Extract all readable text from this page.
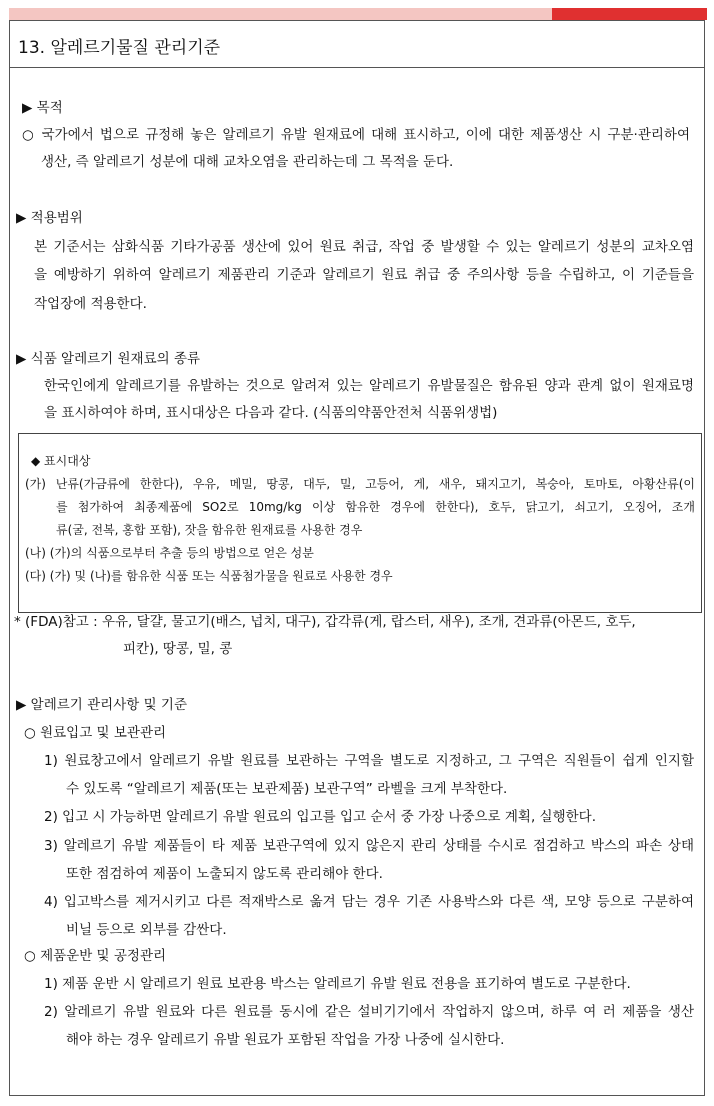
13. 알레르기물질 관리기준
▶ 목적
○ 국가에서 법으로 규정해 놓은 알레르기 유발 원재료에 대해 표시하고, 이에 대한 제품생산 시 구분·관리하여
생산, 즉 알레르기 성분에 대해 교차오염을 관리하는데 그 목적을 둔다.
▶ 적용범위
본 기준서는 삼화식품 기타가공품 생산에 있어 원료 취급, 작업 중 발생할 수 있는 알레르기 성분의 교차오염
을 예방하기 위하여 알레르기 제품관리 기준과 알레르기 원료 취급 중 주의사항 등을 수립하고, 이 기준들을
작업장에 적용한다.
▶ 식품 알레르기 원재료의 종류
한국인에게 알레르기를 유발하는 것으로 알려져 있는 알레르기 유발물질은 함유된 양과 관계 없이 원재료명
을 표시하여야 하며, 표시대상은 다음과 같다. (식품의약품안전처 식품위생법)
◆ 표시대상
(가) 난류(가금류에 한한다), 우유, 메밀, 땅콩, 대두, 밀, 고등어, 게, 새우, 돼지고기, 복숭아, 토마토, 아황산류(이
를 첨가하여 최종제품에 SO2로 10mg/kg 이상 함유한 경우에 한한다), 호두, 닭고기, 쇠고기, 오징어, 조개
류(굴, 전복, 홍합 포함), 잣을 함유한 원재료를 사용한 경우
(나) (가)의 식품으로부터 추출 등의 방법으로 얻은 성분
(다) (가) 및 (나)를 함유한 식품 또는 식품첨가물을 원료로 사용한 경우
* (FDA)참고 : 우유, 달걀, 물고기(배스, 넙치, 대구), 갑각류(게, 랍스터, 새우), 조개, 견과류(아몬드, 호두,
피칸), 땅콩, 밀, 콩
▶ 알레르기 관리사항 및 기준
○ 원료입고 및 보관관리
1) 원료창고에서 알레르기 유발 원료를 보관하는 구역을 별도로 지정하고, 그 구역은 직원들이 쉽게 인지할
수 있도록 “알레르기 제품(또는 보관제품) 보관구역” 라벨을 크게 부착한다.
2) 입고 시 가능하면 알레르기 유발 원료의 입고를 입고 순서 중 가장 나중으로 계획, 실행한다.
3) 알레르기 유발 제품들이 타 제품 보관구역에 있지 않은지 관리 상태를 수시로 점검하고 박스의 파손 상태
또한 점검하여 제품이 노출되지 않도록 관리해야 한다.
4) 입고박스를 제거시키고 다른 적재박스로 옮겨 담는 경우 기존 사용박스와 다른 색, 모양 등으로 구분하여
비닐 등으로 외부를 감싼다.
○ 제품운반 및 공정관리
1) 제품 운반 시 알레르기 원료 보관용 박스는 알레르기 유발 원료 전용을 표기하여 별도로 구분한다.
2) 알레르기 유발 원료와 다른 원료를 동시에 같은 설비기기에서 작업하지 않으며, 하루 여 러 제품을 생산
해야 하는 경우 알레르기 유발 원료가 포함된 작업을 가장 나중에 실시한다.
